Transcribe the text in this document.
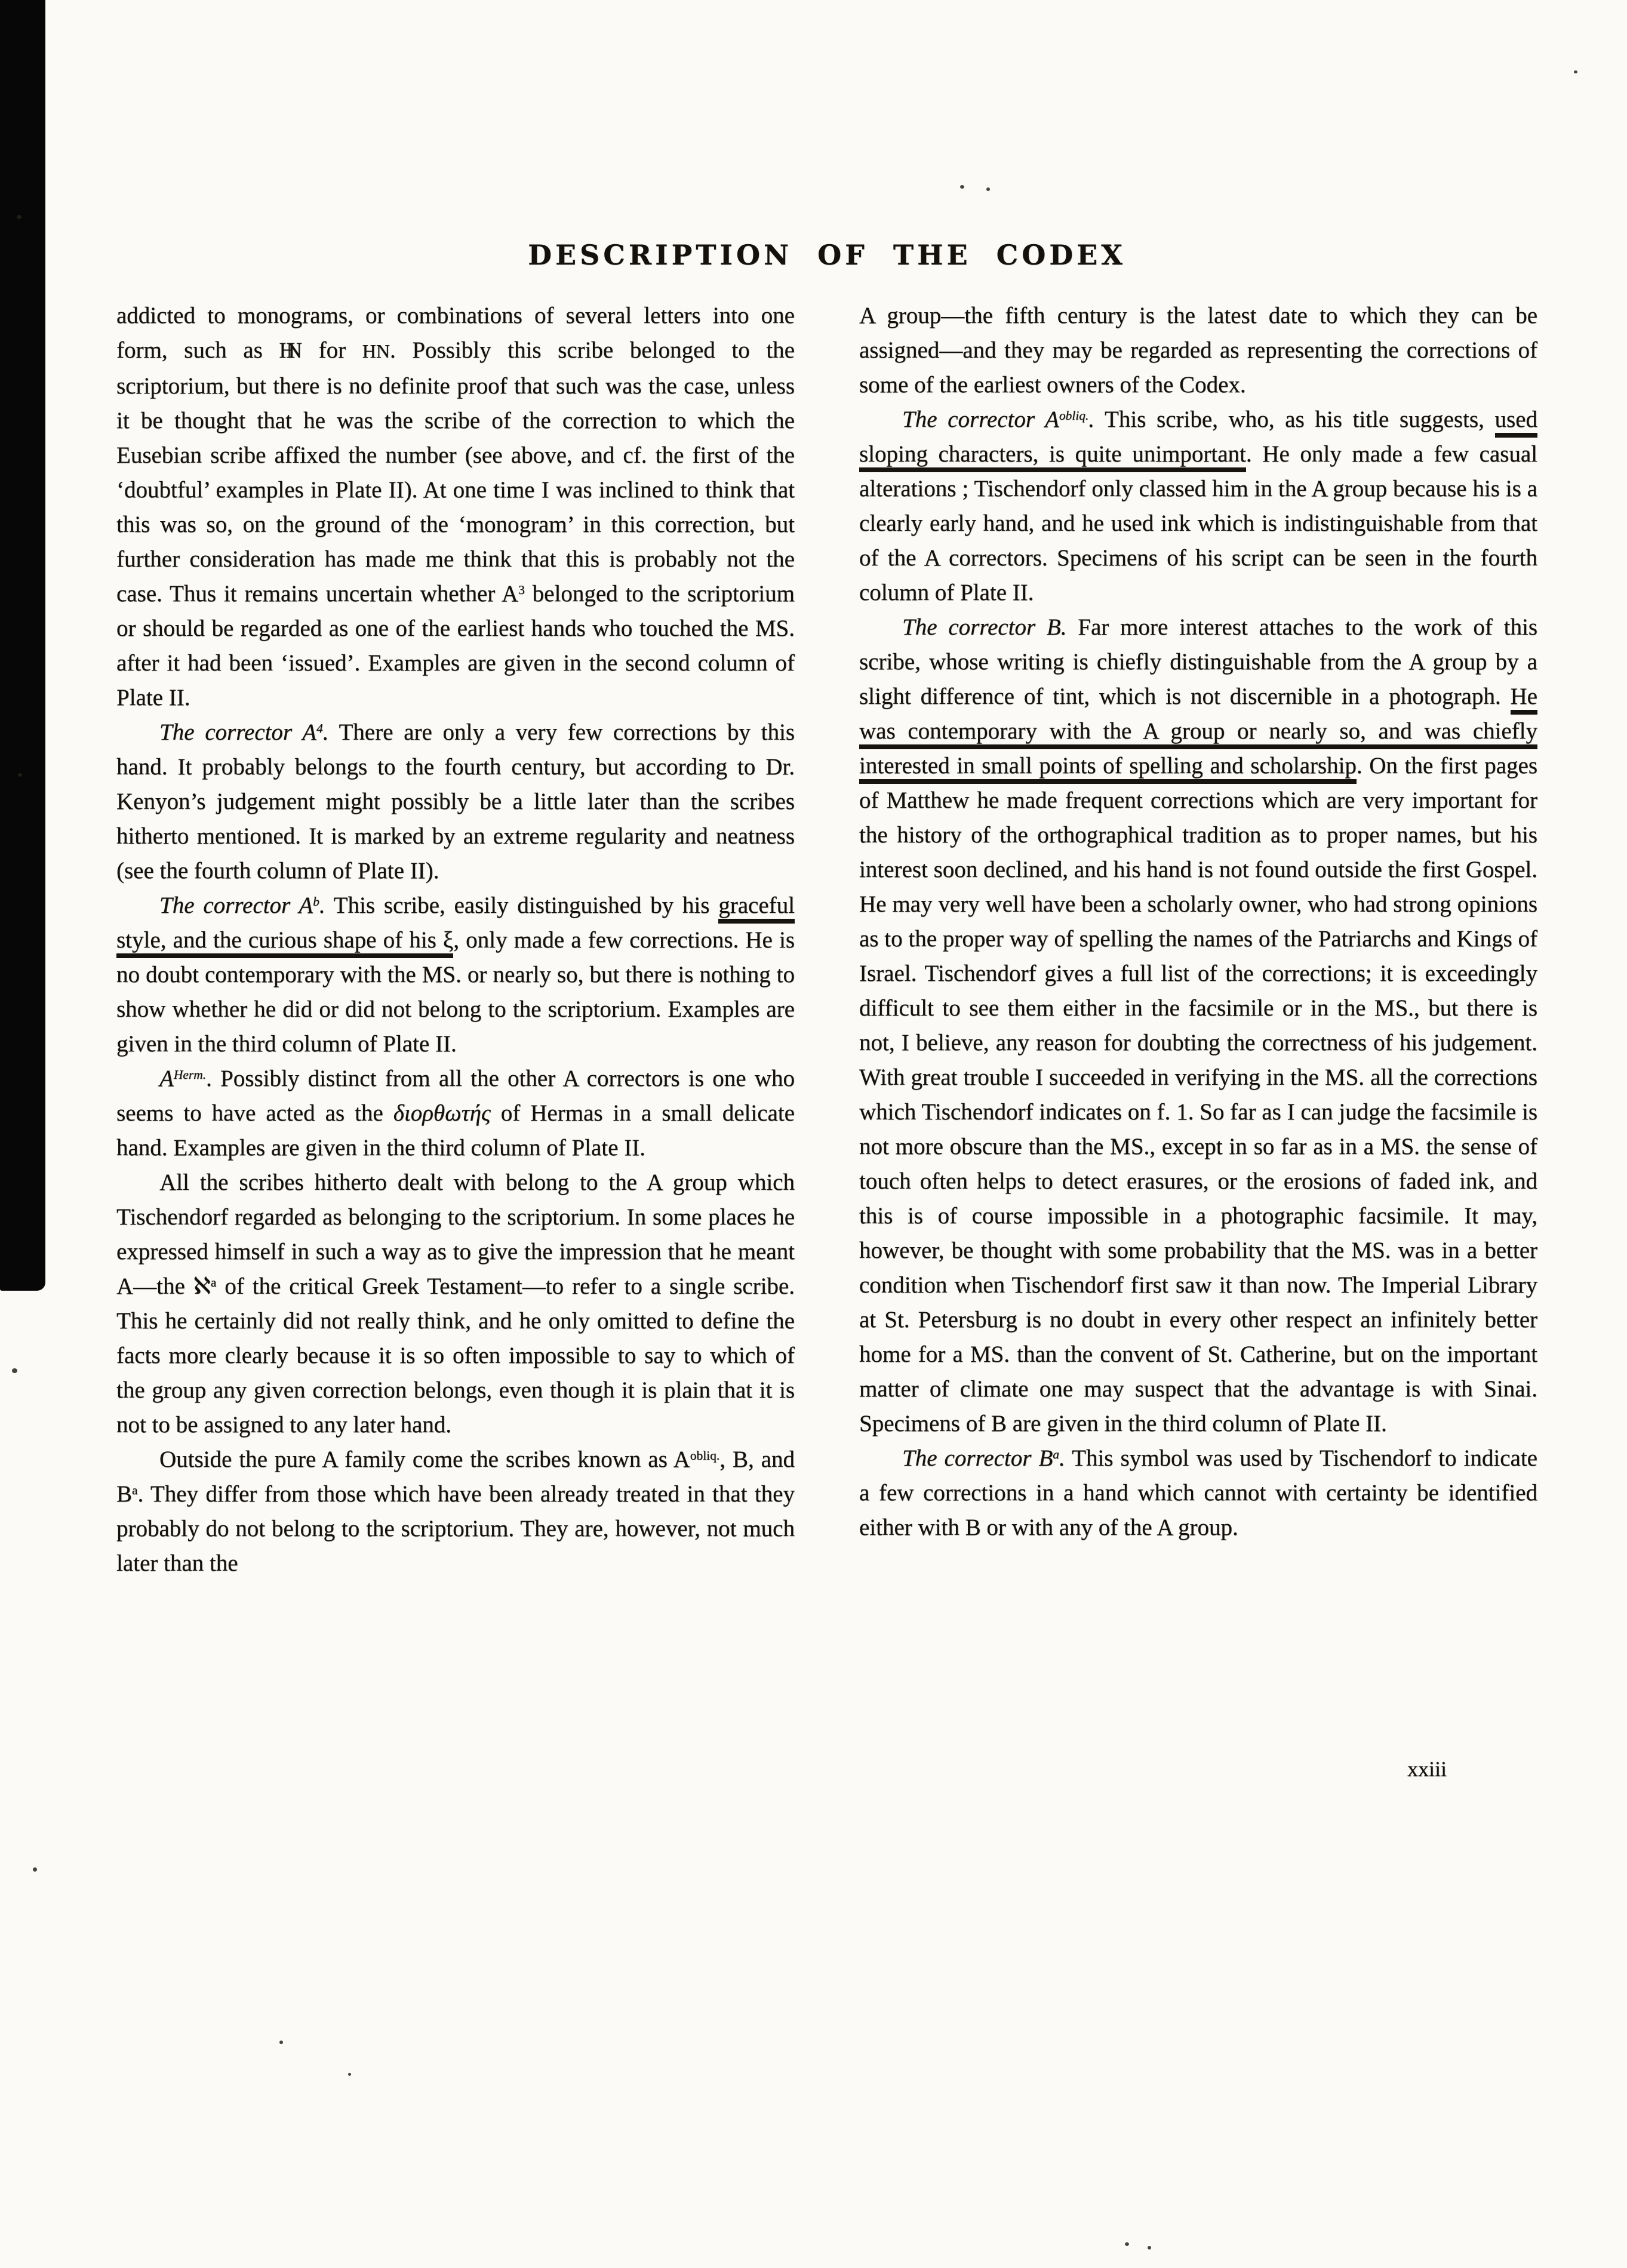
DESCRIPTION OF THE CODEX

addicted to monograms, or combinations of several letters into one form, such as HN for HN. Possibly this scribe belonged to the scriptorium, but there is no definite proof that such was the case, unless it be thought that he was the scribe of the correction to which the Eusebian scribe affixed the number (see above, and cf. the first of the ‘doubtful’ examples in Plate II). At one time I was inclined to think that this was so, on the ground of the ‘monogram’ in this correction, but further consideration has made me think that this is probably not the case. Thus it remains uncertain whether $A^3$ belonged to the scriptorium or should be regarded as one of the earliest hands who touched the MS. after it had been ‘issued’. Examples are given in the second column of Plate II.

The corrector $A^4$. There are only a very few corrections by this hand. It probably belongs to the fourth century, but according to Dr. Kenyon’s judgement might possibly be a little later than the scribes hitherto mentioned. It is marked by an extreme regularity and neatness (see the fourth column of Plate II).

The corrector $A^b$. This scribe, easily distinguished by his graceful style, and the curious shape of his ξ, only made a few corrections. He is no doubt contemporary with the MS. or nearly so, but there is nothing to show whether he did or did not belong to the scriptorium. Examples are given in the third column of Plate II.

$A^{Herm.}$. Possibly distinct from all the other A correctors is one who seems to have acted as the διορθωτής of Hermas in a small delicate hand. Examples are given in the third column of Plate II.

All the scribes hitherto dealt with belong to the A group which Tischendorf regarded as belonging to the scriptorium. In some places he expressed himself in such a way as to give the impression that he meant A—the ℵ$^a$ of the critical Greek Testament—to refer to a single scribe. This he certainly did not really think, and he only omitted to define the facts more clearly because it is so often impossible to say to which of the group any given correction belongs, even though it is plain that it is not to be assigned to any later hand.

Outside the pure A family come the scribes known as $A^{obliq.}$, B, and $B^a$. They differ from those which have been already treated in that they probably do not belong to the scriptorium. They are, however, not much later than the

A group—the fifth century is the latest date to which they can be assigned—and they may be regarded as representing the corrections of some of the earliest owners of the Codex.

The corrector $A^{obliq.}$. This scribe, who, as his title suggests, used sloping characters, is quite unimportant. He only made a few casual alterations ; Tischendorf only classed him in the A group because his is a clearly early hand, and he used ink which is indistinguishable from that of the A correctors. Specimens of his script can be seen in the fourth column of Plate II.

The corrector B. Far more interest attaches to the work of this scribe, whose writing is chiefly distinguishable from the A group by a slight difference of tint, which is not discernible in a photograph. He was contemporary with the A group or nearly so, and was chiefly interested in small points of spelling and scholarship. On the first pages of Matthew he made frequent corrections which are very important for the history of the orthographical tradition as to proper names, but his interest soon declined, and his hand is not found outside the first Gospel. He may very well have been a scholarly owner, who had strong opinions as to the proper way of spelling the names of the Patriarchs and Kings of Israel. Tischendorf gives a full list of the corrections; it is exceedingly difficult to see them either in the facsimile or in the MS., but there is not, I believe, any reason for doubting the correctness of his judgement. With great trouble I succeeded in verifying in the MS. all the corrections which Tischendorf indicates on f. 1. So far as I can judge the facsimile is not more obscure than the MS., except in so far as in a MS. the sense of touch often helps to detect erasures, or the erosions of faded ink, and this is of course impossible in a photographic facsimile. It may, however, be thought with some probability that the MS. was in a better condition when Tischendorf first saw it than now. The Imperial Library at St. Petersburg is no doubt in every other respect an infinitely better home for a MS. than the convent of St. Catherine, but on the important matter of climate one may suspect that the advantage is with Sinai. Specimens of B are given in the third column of Plate II.

The corrector $B^a$. This symbol was used by Tischendorf to indicate a few corrections in a hand which cannot with certainty be identified either with B or with any of the A group.

xxiii
